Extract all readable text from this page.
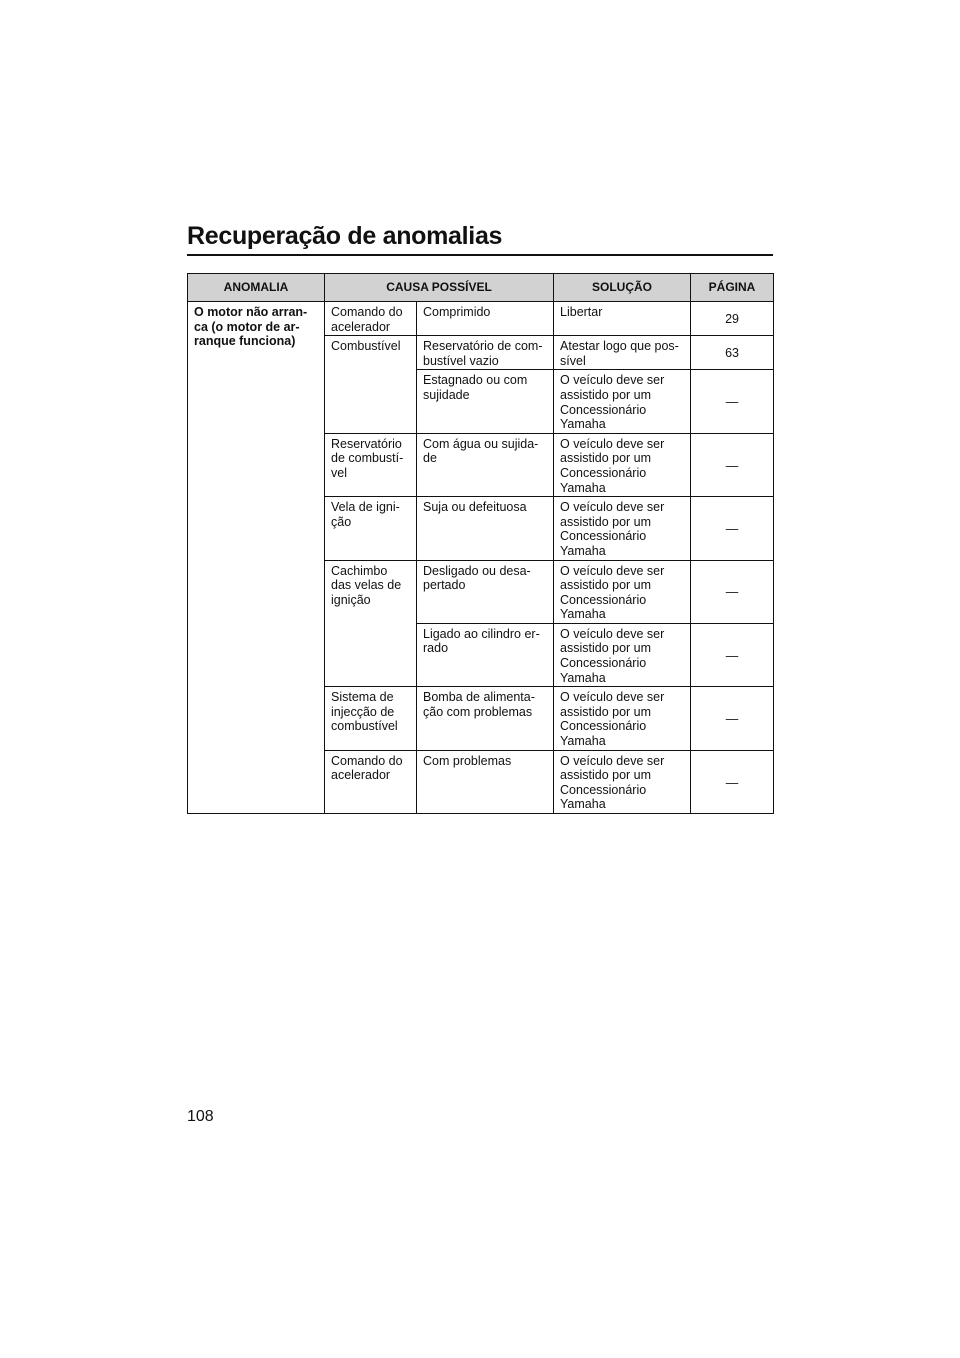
Recuperação de anomalias
ANOMALIA	CAUSA POSSÍVEL		SOLUÇÃO	PÁGINA
O motor não arran-
ca (o motor de ar-
ranque funciona)	Comando do
acelerador	Comprimido	Libertar	29
	Combustível	Reservatório de com-
bustível vazio	Atestar logo que pos-
sível	63
		Estagnado ou com
sujidade	O veículo deve ser
assistido por um
Concessionário
Yamaha	—
	Reservatório
de combustí-
vel	Com água ou sujida-
de	O veículo deve ser
assistido por um
Concessionário
Yamaha	—
	Vela de igni-
ção	Suja ou defeituosa	O veículo deve ser
assistido por um
Concessionário
Yamaha	—
	Cachimbo
das velas de
ignição	Desligado ou desa-
pertado	O veículo deve ser
assistido por um
Concessionário
Yamaha	—
		Ligado ao cilindro er-
rado	O veículo deve ser
assistido por um
Concessionário
Yamaha	—
	Sistema de
injecção de
combustível	Bomba de alimenta-
ção com problemas	O veículo deve ser
assistido por um
Concessionário
Yamaha	—
	Comando do
acelerador	Com problemas	O veículo deve ser
assistido por um
Concessionário
Yamaha	—
108
